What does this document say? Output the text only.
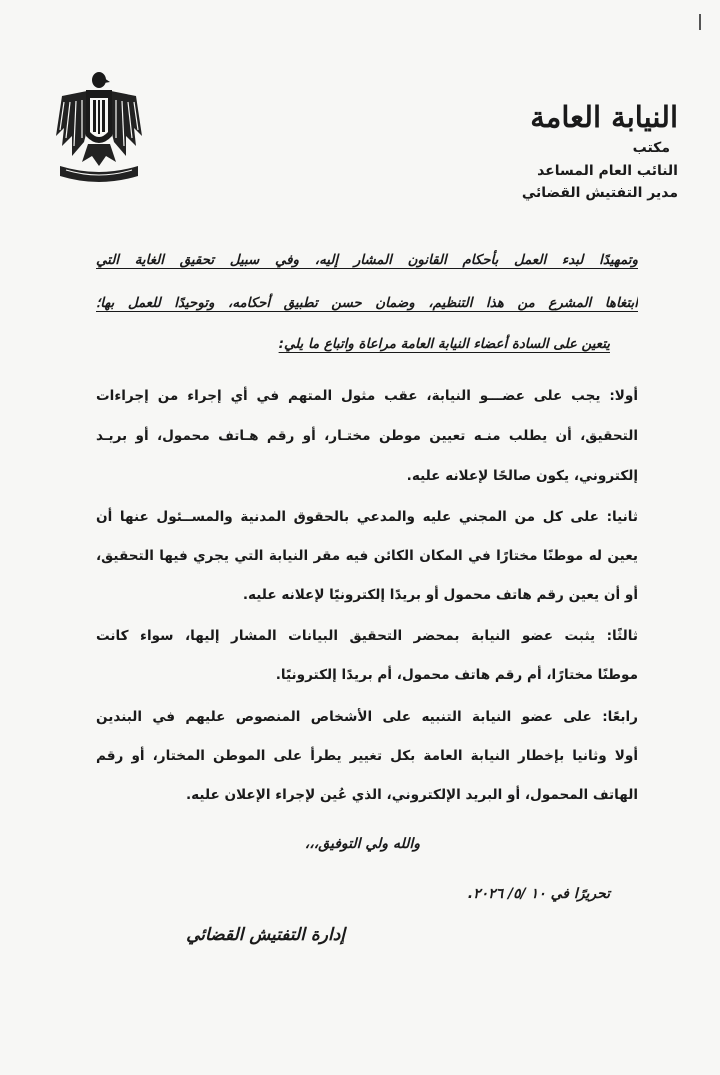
النيابة العامة
مكتب
النائب العام المساعد
مدير التفتيش القضائي
وتمهيدًا لبدء العمل بأحكام القانون المشار إليه، وفي سبيل تحقيق الغاية التي
ابتغاها المشرع من هذا التنظيم، وضمان حسن تطبيق أحكامه، وتوحيدًا للعمل بها؛
يتعين على السادة أعضاء النيابة العامة مراعاة واتباع ما يلي:
أولا: يجب على عضـــو النيابة، عقب مثول المتهم في أي إجراء من إجراءات
التحقيق، أن يطلب منـه تعيين موطن مختـار، أو رقم هـاتف محمول، أو بريـد
إلكتروني، يكون صالحًا لإعلانه عليه.
ثانيا: على كل من المجني عليه والمدعي بالحقوق المدنية والمســئول عنها أن
يعين له موطنًا مختارًا في المكان الكائن فيه مقر النيابة التي يجري فيها التحقيق،
أو أن يعين رقم هاتف محمول أو بريدًا إلكترونيًا لإعلانه عليه.
ثالثًا: يثبت عضو النيابة بمحضر التحقيق البيانات المشار إليها، سواء كانت
موطنًا مختارًا، أم رقم هاتف محمول، أم بريدًا إلكترونيًا.
رابعًا: على عضو النيابة التنبيه على الأشخاص المنصوص عليهم في البندين
أولا وثانيا بإخطار النيابة العامة بكل تغيير يطرأ على الموطن المختار، أو رقم
الهاتف المحمول، أو البريد الإلكتروني، الذي عُين لإجراء الإعلان عليه.
والله ولي التوفيق،،،
تحريرًا في ١٠ /٥/ ٢٠٢٦.
إدارة التفتيش القضائي
